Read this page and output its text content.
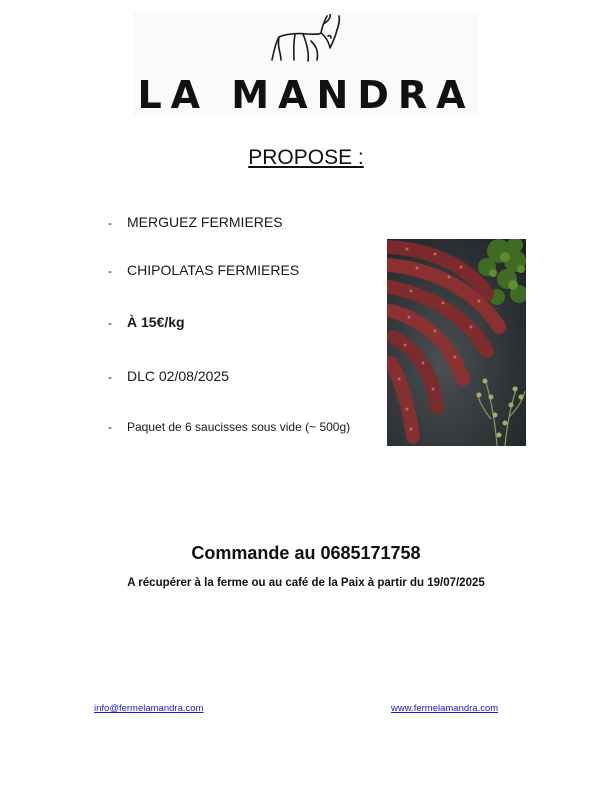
LA MANDRA
PROPOSE :
- MERGUEZ FERMIERES
- CHIPOLATAS FERMIERES
- À 15€/kg
- DLC 02/08/2025
- Paquet de 6 saucisses sous vide (~ 500g)
Commande au 0685171758
A récupérer à la ferme ou au café de la Paix à partir du 19/07/2025
info@fermelamandra.com	www.fermelamandra.com
